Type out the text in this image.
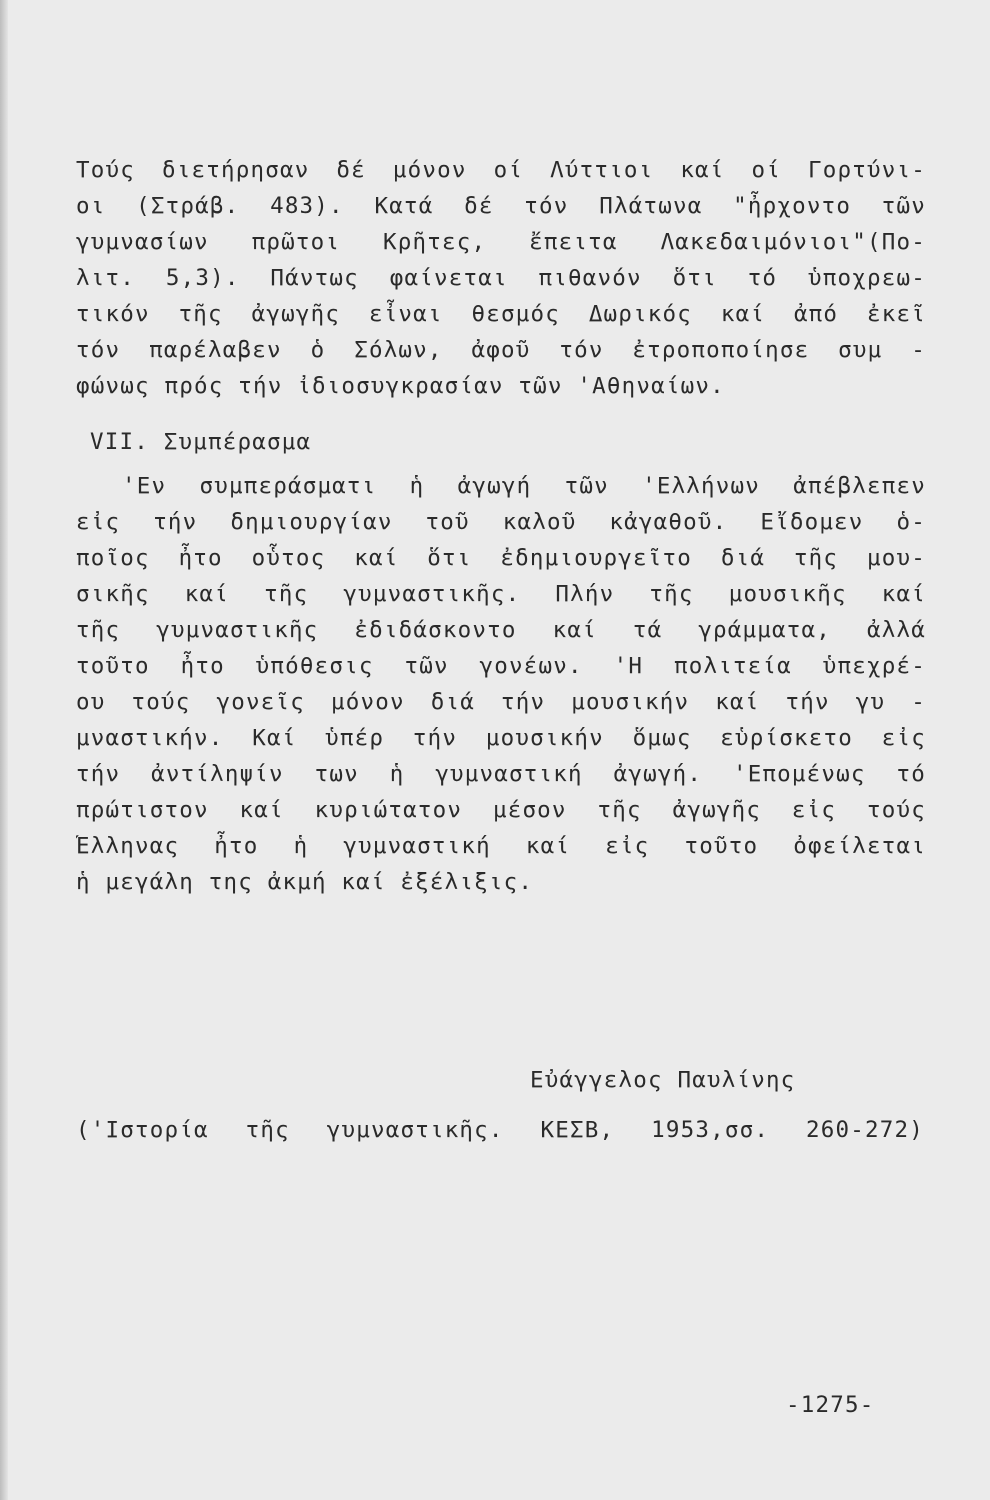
Τούς διετήρησαν δέ μόνον οί Λύττιοι καί οί Γορτύνι-
οι (Στράβ. 483). Κατά δέ τόν Πλάτωνα "ἦρχοντο τῶν
γυμνασίων πρῶτοι Κρῆτες, ἔπειτα Λακεδαιμόνιοι"(Πο-
λιτ. 5,3). Πάντως φαίνεται πιθανόν ὅτι τό ὑποχρεω-
τικόν τῆς ἀγωγῆς εἶναι θεσμός Δωρικός καί ἀπό ἐκεῖ
τόν παρέλαβεν ὁ Σόλων, ἀφοῦ τόν ἐτροποποίησε συμ -
φώνως πρός τήν ἰδιοσυγκρασίαν τῶν 'Αθηναίων.
VII. Συμπέρασμα
'Εν συμπεράσματι ἡ ἀγωγή τῶν 'Ελλήνων ἀπέβλεπεν
εἰς τήν δημιουργίαν τοῦ καλοῦ κἀγαθοῦ. Εἴδομεν ὁ-
ποῖος ἦτο οὗτος καί ὅτι ἐδημιουργεῖτο διά τῆς μου-
σικῆς καί τῆς γυμναστικῆς. Πλήν τῆς μουσικῆς καί
τῆς γυμναστικῆς ἐδιδάσκοντο καί τά γράμματα, ἀλλά
τοῦτο ἦτο ὑπόθεσις τῶν γονέων. 'Η πολιτεία ὑπεχρέ-
ου τούς γονεῖς μόνον διά τήν μουσικήν καί τήν γυ -
μναστικήν. Καί ὑπέρ τήν μουσικήν ὅμως εὑρίσκετο εἰς
τήν ἀντίληψίν των ἡ γυμναστική ἀγωγή. 'Επομένως τό
πρώτιστον καί κυριώτατον μέσον τῆς ἀγωγῆς εἰς τούς
Ἕλληνας ἦτο ἡ γυμναστική καί εἰς τοῦτο ὀφείλεται
ἡ μεγάλη της ἀκμή καί ἐξέλιξις.
Εὐάγγελος Παυλίνης
('Ιστορία τῆς γυμναστικῆς. ΚΕΣΒ, 1953,σσ. 260-272)
-1275-
